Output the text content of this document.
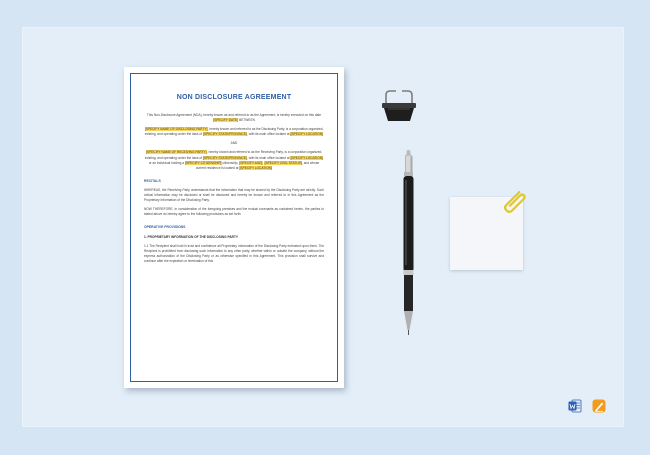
NON DISCLOSURE AGREEMENT

This Non-Disclosure Agreement (NDA), hereby known as and referred to as the Agreement, is hereby executed on this date [SPECIFY DATE] BETWEEN

[SPECIFY NAME OF DISCLOSING PARTY], hereby known and referred to as the Disclosing Party, is a corporation organized, existing, and operating under the laws of [SPECIFY STATE/PROVINCE], with its main office located at [SPECIFY LOCATION]

AND

[SPECIFY NAME OF RECEIVING PARTY], hereby known and referred to as the Receiving Party, is a corporation organized, existing, and operating under the laws of [SPECIFY STATE/PROVINCE], with its main office located at [SPECIFY LOCATION] or an individual holding a [SPECIFY CITIZENSHIP] citizenship, [SPECIFY AGE] [SPECIFY CIVIL STATUS], and whose current residence is located at [SPECIFY LOCATION]

RECITALS

WHEREAS, the Receiving Party understands that the information that may be shared by the Disclosing Party are strictly. Such critical information may be disclosed or shall be disclosed and hereby be known and referred to in this Agreement as the Proprietary Information of the Disclosing Party.

NOW THEREFORE, in consideration of the foregoing premises and the mutual covenants as contained herein, the parties to stated above do hereby agree to the following provisions as set forth:

OPERATIVE PROVISIONS
1. PROPRIETARY INFORMATION OF THE DISCLOSING PARTY

1.1 The Recipient shall hold in trust and confidence all Proprietary Information of the Disclosing Party entrusted upon them. The Recipient is prohibited from disclosing such information to any other party, whether within or outside the company, without the express authorization of the Disclosing Party or as otherwise specified in this Agreement. This provision shall survive and continue after the expiration or termination of this
